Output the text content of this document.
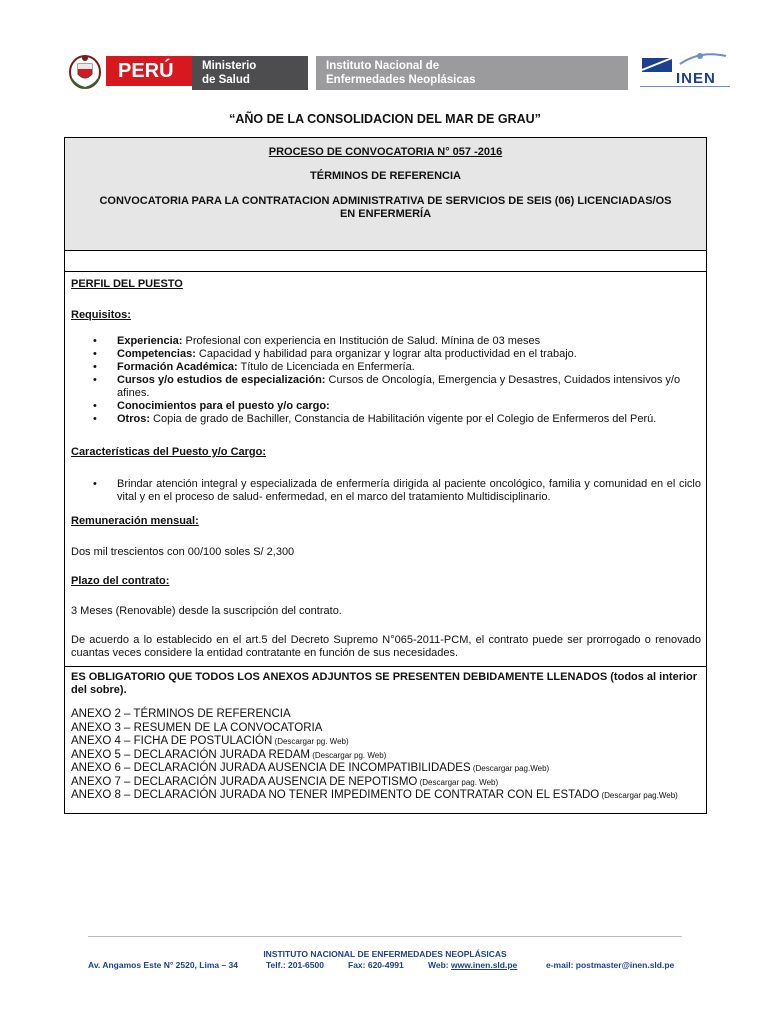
PERÚ	Ministerio
de Salud
Instituto Nacional de
Enfermedades Neoplásicas	INEN
“AÑO DE LA CONSOLIDACION DEL MAR DE GRAU”
PROCESO DE CONVOCATORIA N° 057 -2016
TÉRMINOS DE REFERENCIA
CONVOCATORIA PARA LA CONTRATACION ADMINISTRATIVA DE SERVICIOS DE SEIS (06) LICENCIADAS/OS
EN ENFERMERÍA
PERFIL DEL PUESTO
Requisitos:
• Experiencia: Profesional con experiencia en Institución de Salud. Mínina de 03 meses
• Competencias: Capacidad y habilidad para organizar y lograr alta productividad en el trabajo.
• Formación Académica: Título de Licenciada en Enfermería.
• Cursos y/o estudios de especialización: Cursos de Oncología, Emergencia y Desastres, Cuidados intensivos y/o afines.
• Conocimientos para el puesto y/o cargo:
• Otros: Copia de grado de Bachiller, Constancia de Habilitación vigente por el Colegio de Enfermeros del Perú.
Características del Puesto y/o Cargo:
• Brindar atención integral y especializada de enfermería dirigida al paciente oncológico, familia y comunidad en el ciclo vital y en el proceso de salud- enfermedad, en el marco del tratamiento Multidisciplinario.
Remuneración mensual:
Dos mil trescientos con 00/100 soles S/ 2,300
Plazo del contrato:
3 Meses (Renovable) desde la suscripción del contrato.
De acuerdo a lo establecido en el art.5 del Decreto Supremo N°065-2011-PCM, el contrato puede ser prorrogado o renovado cuantas veces considere la entidad contratante en función de sus necesidades.
ES OBLIGATORIO QUE TODOS LOS ANEXOS ADJUNTOS SE PRESENTEN DEBIDAMENTE LLENADOS (todos al interior del sobre).
ANEXO 2 – TÉRMINOS DE REFERENCIA
ANEXO 3 – RESUMEN DE LA CONVOCATORIA
ANEXO 4 – FICHA DE POSTULACIÓN (Descargar pg. Web)
ANEXO 5 – DECLARACIÓN JURADA REDAM (Descargar pg. Web)
ANEXO 6 – DECLARACIÓN JURADA AUSENCIA DE INCOMPATIBILIDADES (Descargar pag.Web)
ANEXO 7 – DECLARACIÓN JURADA AUSENCIA DE NEPOTISMO (Descargar pag. Web)
ANEXO 8 – DECLARACIÓN JURADA NO TENER IMPEDIMENTO DE CONTRATAR CON EL ESTADO (Descargar pag.Web)
INSTITUTO NACIONAL DE ENFERMEDADES NEOPLÁSICAS
Av. Angamos Este N° 2520, Lima – 34	Telf.: 201-6500	Fax: 620-4991	Web: www.inen.sld.pe	e-mail: postmaster@inen.sld.pe
